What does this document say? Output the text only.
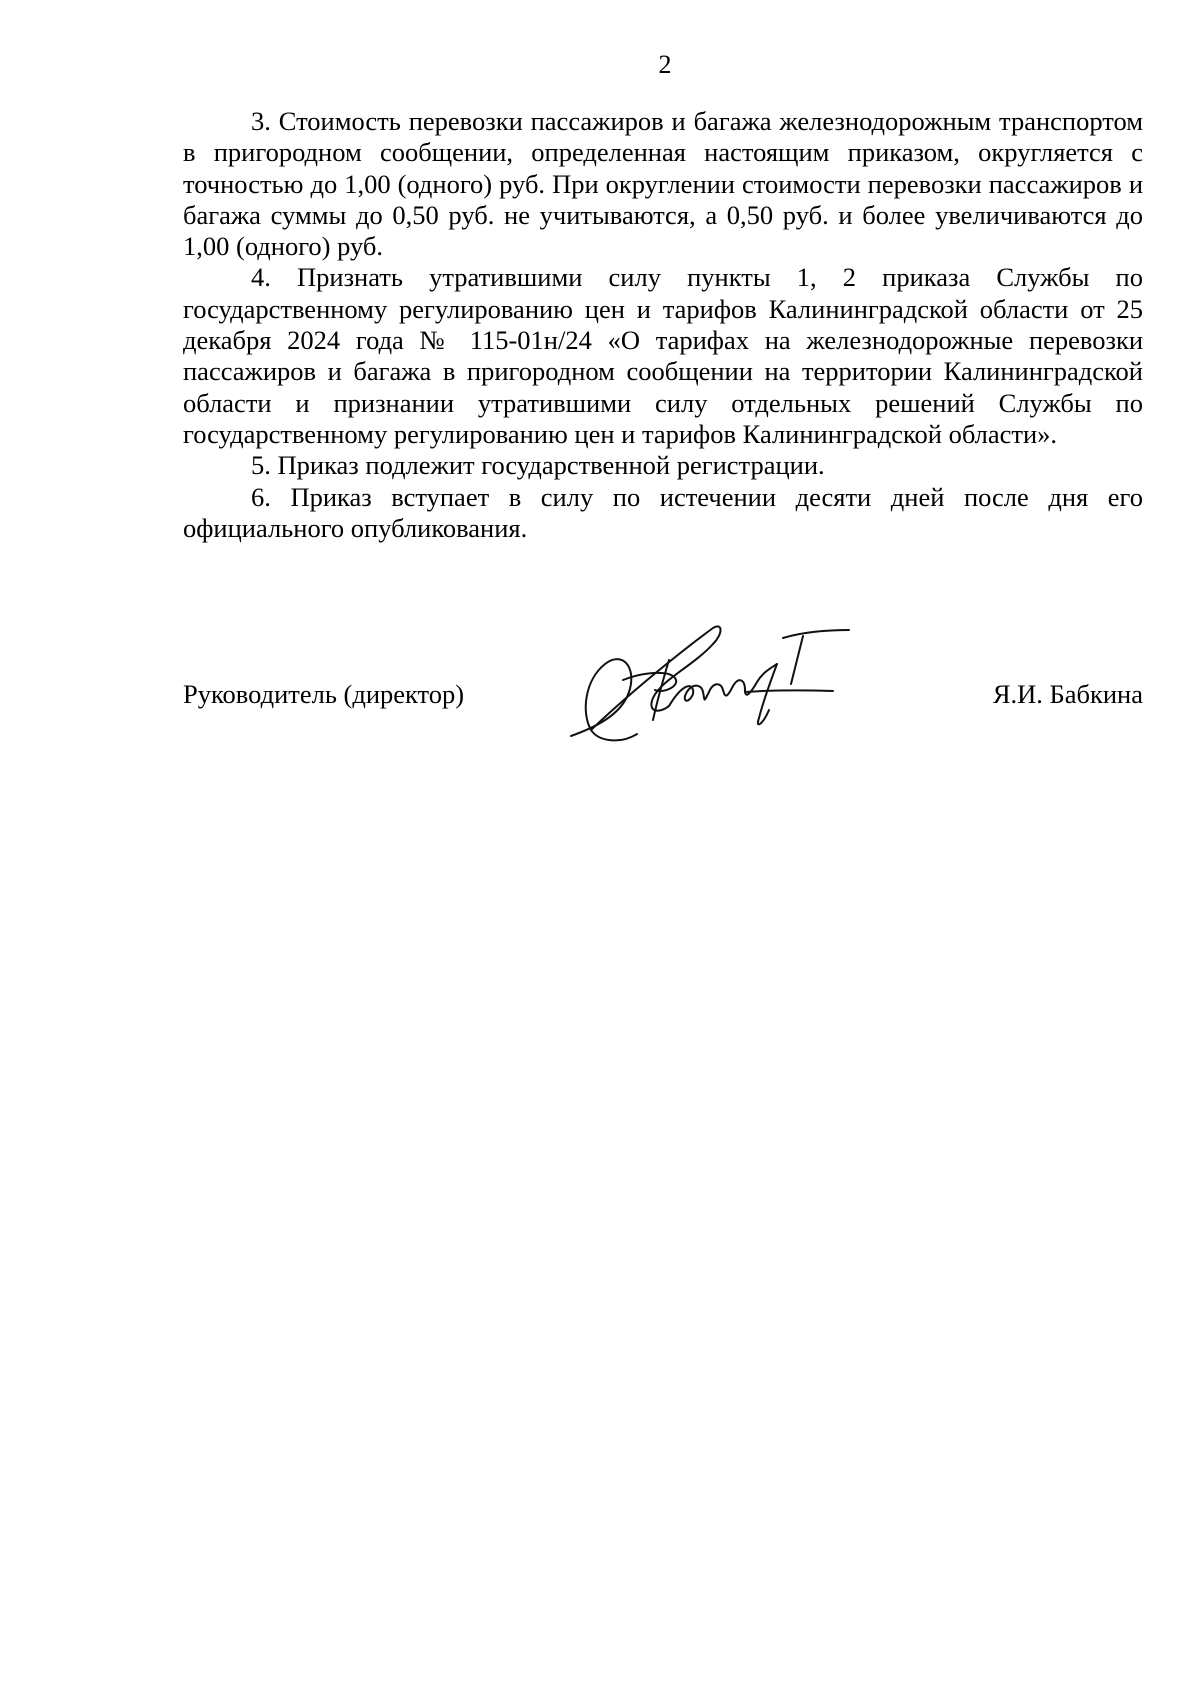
2

3. Стоимость перевозки пассажиров и багажа железнодорожным транспортом в пригородном сообщении, определенная настоящим приказом, округляется с точностью до 1,00 (одного) руб. При округлении стоимости перевозки пассажиров и багажа суммы до 0,50 руб. не учитываются, а 0,50 руб. и более увеличиваются до 1,00 (одного) руб.

4. Признать утратившими силу пункты 1, 2 приказа Службы по государственному регулированию цен и тарифов Калининградской области от 25 декабря 2024 года № 115-01н/24 «О тарифах на железнодорожные перевозки пассажиров и багажа в пригородном сообщении на территории Калининградской области и признании утратившими силу отдельных решений Службы по государственному регулированию цен и тарифов Калининградской области».

5. Приказ подлежит государственной регистрации.

6. Приказ вступает в силу по истечении десяти дней после дня его официального опубликования.

Руководитель (директор)	Я.И. Бабкина
